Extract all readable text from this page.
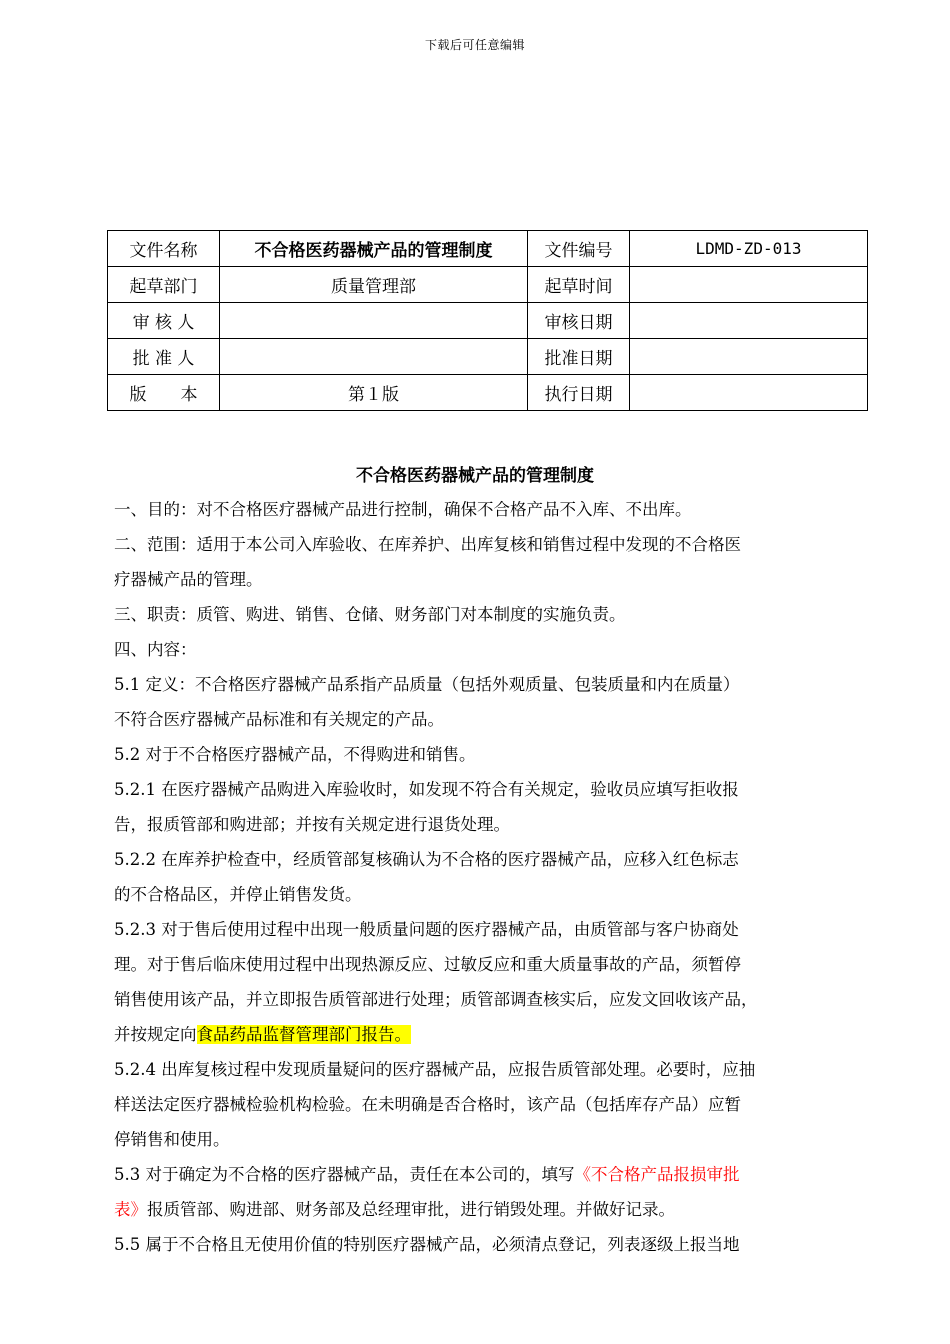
下载后可任意编辑
文件名称	不合格医药器械产品的管理制度	文件编号	LDMD-ZD-013
起草部门	质量管理部	起草时间	
审 核 人		审核日期	
批 准 人		批准日期	
版　　本	第１版	执行日期	
不合格医药器械产品的管理制度

一、目的：对不合格医疗器械产品进行控制，确保不合格产品不入库、不出库。

二、范围：适用于本公司入库验收、在库养护、出库复核和销售过程中发现的不合格医

疗器械产品的管理。

三、职责：质管、购进、销售、仓储、财务部门对本制度的实施负责。

四、内容：

5.1 定义：不合格医疗器械产品系指产品质量（包括外观质量、包装质量和内在质量）

不符合医疗器械产品标准和有关规定的产品。

5.2 对于不合格医疗器械产品，不得购进和销售。

5.2.1 在医疗器械产品购进入库验收时，如发现不符合有关规定，验收员应填写拒收报

告，报质管部和购进部；并按有关规定进行退货处理。

5.2.2 在库养护检查中，经质管部复核确认为不合格的医疗器械产品，应移入红色标志

的不合格品区，并停止销售发货。

5.2.3 对于售后使用过程中出现一般质量问题的医疗器械产品，由质管部与客户协商处

理。对于售后临床使用过程中出现热源反应、过敏反应和重大质量事故的产品，须暂停

销售使用该产品，并立即报告质管部进行处理；质管部调查核实后，应发文回收该产品，

并按规定向食品药品监督管理部门报告。

5.2.4 出库复核过程中发现质量疑问的医疗器械产品，应报告质管部处理。必要时，应抽

样送法定医疗器械检验机构检验。在未明确是否合格时，该产品（包括库存产品）应暂

停销售和使用。

5.3 对于确定为不合格的医疗器械产品，责任在本公司的，填写《不合格产品报损审批

表》报质管部、购进部、财务部及总经理审批，进行销毁处理。并做好记录。

5.5 属于不合格且无使用价值的特别医疗器械产品，必须清点登记，列表逐级上报当地
